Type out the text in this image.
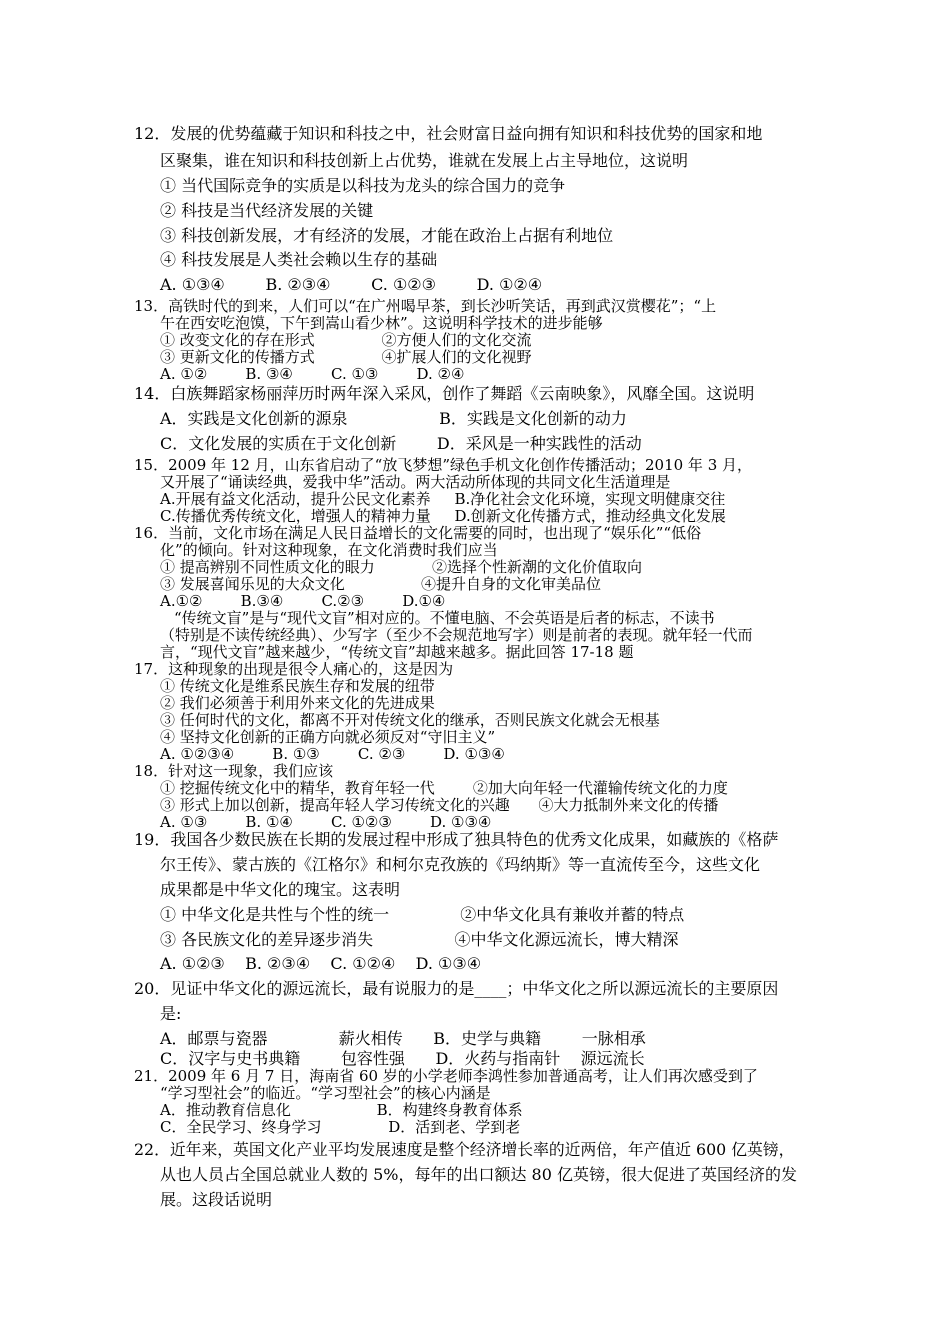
12．发展的优势蕴藏于知识和科技之中，社会财富日益向拥有知识和科技优势的国家和地
区聚集，谁在知识和科技创新上占优势，谁就在发展上占主导地位，这说明
① 当代国际竞争的实质是以科技为龙头的综合国力的竞争
② 科技是当代经济发展的关键
③ 科技创新发展，才有经济的发展，才能在政治上占据有利地位
④ 科技发展是人类社会赖以生存的基础
A. ①③④        B. ②③④        C. ①②③        D. ①②④
13．高铁时代的到来，人们可以“在广州喝早茶，到长沙听笑话，再到武汉赏樱花”；“上
午在西安吃泡馍，下午到嵩山看少林”。这说明科学技术的进步能够
① 改变文化的存在形式              ②方便人们的文化交流
③ 更新文化的传播方式              ④扩展人们的文化视野
A. ①②        B. ③④        C. ①③        D. ②④
14．白族舞蹈家杨丽萍历时两年深入采风，创作了舞蹈《云南映象》，风靡全国。这说明
A．实践是文化创新的源泉                  B．实践是文化创新的动力
C．文化发展的实质在于文化创新        D．采风是一种实践性的活动
15．2009 年 12 月，山东省启动了“放飞梦想”绿色手机文化创作传播活动；2010 年 3 月，
又开展了“诵读经典，爱我中华”活动。两大活动所体现的共同文化生活道理是
A.开展有益文化活动，提升公民文化素养     B.净化社会文化环境，实现文明健康交往
C.传播优秀传统文化，增强人的精神力量     D.创新文化传播方式，推动经典文化发展
16．当前，文化市场在满足人民日益增长的文化需要的同时，也出现了“娱乐化”“低俗
化”的倾向。针对这种现象，在文化消费时我们应当
① 提高辨别不同性质文化的眼力            ②选择个性新潮的文化价值取向
③ 发展喜闻乐见的大众文化                ④提升自身的文化审美品位
A.①②        B.③④        C.②③        D.①④
“传统文盲”是与“现代文盲”相对应的。不懂电脑、不会英语是后者的标志，不读书
（特别是不读传统经典）、少写字（至少不会规范地写字）则是前者的表现。就年轻一代而
言，“现代文盲”越来越少，“传统文盲”却越来越多。据此回答 17-18 题
17．这种现象的出现是很令人痛心的，这是因为
① 传统文化是维系民族生存和发展的纽带
② 我们必须善于利用外来文化的先进成果
③ 任何时代的文化，都离不开对传统文化的继承，否则民族文化就会无根基
④ 坚持文化创新的正确方向就必须反对“守旧主义”
A. ①②③④        B. ①③        C. ②③        D. ①③④
18．针对这一现象，我们应该
① 挖掘传统文化中的精华，教育年轻一代        ②加大向年轻一代灌输传统文化的力度
③ 形式上加以创新，提高年轻人学习传统文化的兴趣      ④大力抵制外来文化的传播
A. ①③        B. ①④        C. ①②③        D. ①③④
19．我国各少数民族在长期的发展过程中形成了独具特色的优秀文化成果，如藏族的《格萨
尔王传》、蒙古族的《江格尔》和柯尔克孜族的《玛纳斯》等一直流传至今，这些文化
成果都是中华文化的瑰宝。这表明
① 中华文化是共性与个性的统一              ②中华文化具有兼收并蓄的特点
③ 各民族文化的差异逐步消失                ④中华文化源远流长，博大精深
A. ①②③    B. ②③④    C. ①②④    D. ①③④
20．见证中华文化的源远流长，最有说服力的是____；中华文化之所以源远流长的主要原因
是:
A．邮票与瓷器              薪火相传      B．史学与典籍        一脉相承
C．汉字与史书典籍        包容性强      D．火药与指南针    源远流长
21．2009 年 6 月 7 日，海南省 60 岁的小学老师李鸿性参加普通高考，让人们再次感受到了
“学习型社会”的临近。“学习型社会”的核心内涵是
A．推动教育信息化                  B．构建终身教育体系
C．全民学习、终身学习              D．活到老、学到老
22．近年来，英国文化产业平均发展速度是整个经济增长率的近两倍，年产值近 600 亿英镑，
从也人员占全国总就业人数的 5%，每年的出口额达 80 亿英镑，很大促进了英国经济的发
展。这段话说明
